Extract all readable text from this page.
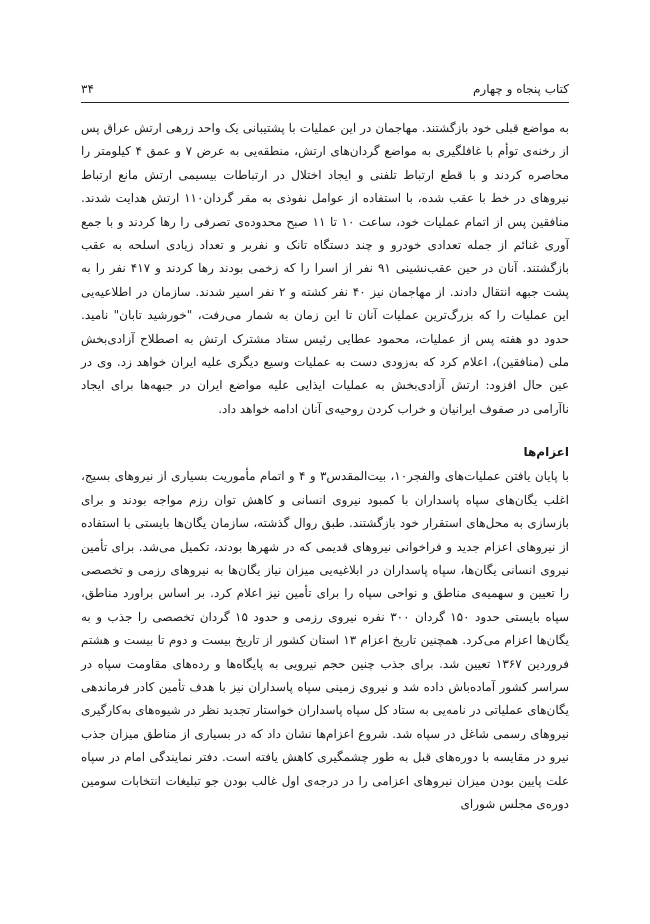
۳۴	کتاب پنجاه و چهارم

به مواضع قبلی خود بازگشتند. مهاجمان در این عملیات با پشتیبانی یک واحد زرهی ارتش عراق پس از رخنه‌ی توأم با غافلگیری به مواضع گردان‌های ارتش، منطقه‌یی به عرض ۷ و عمق ۴ کیلومتر را محاصره کردند و با قطع ارتباط تلفنی و ایجاد اختلال در ارتباطات بیسیمی ارتش مانع ارتباط نیروهای در خط با عقب شده، با استفاده از عوامل نفوذی به مقر گردان۱۱۰ ارتش هدایت شدند. منافقین پس از اتمام عملیات خود، ساعت ۱۰ تا ۱۱ صبح محدوده‌ی تصرفی را رها کردند و با جمع آوری غنائم از جمله تعدادی خودرو و چند دستگاه تانک و نفربر و تعداد زیادی اسلحه به عقب بازگشتند. آنان در حین عقب‌نشینی ۹۱ نفر از اسرا را که زخمی بودند رها کردند و ۴۱۷ نفر را به پشت جبهه انتقال دادند. از مهاجمان نیز ۴۰ نفر کشته و ۲ نفر اسیر شدند. سازمان در اطلاعیه‌یی این عملیات را که بزرگ‌ترین عملیات آنان تا این زمان به شمار می‌رفت، "خورشید تابان" نامید. حدود دو هفته پس از عملیات، محمود عطایی رئیس ستاد مشترک ارتش به اصطلاح آزادی‌بخش ملی (منافقین)، اعلام کرد که به‌زودی دست به عملیات وسیع دیگری علیه ایران خواهد زد. وی در عین حال افزود: ارتش آزادی‌بخش به عملیات ایذایی علیه مواضع ایران در جبهه‌ها برای ایجاد ناآرامی در صفوف ایرانیان و خراب کردن روحیه‌ی آنان ادامه خواهد داد.

اعزام‌ها

با پایان یافتن عملیات‌های والفجر۱۰، بیت‌المقدس۳ و ۴ و اتمام مأموریت بسیاری از نیروهای بسیج، اغلب یگان‌های سپاه پاسداران با کمبود نیروی انسانی و کاهش توان رزم مواجه بودند و برای بازسازی به محل‌های استقرار خود بازگشتند. طبق روال گذشته، سازمان یگان‌ها بایستی با استفاده از نیروهای اعزام جدید و فراخوانی نیروهای قدیمی که در شهرها بودند، تکمیل می‌شد. برای تأمین نیروی انسانی یگان‌ها، سپاه پاسداران در ابلاغیه‌یی میزان نیاز یگان‌ها به نیروهای رزمی و تخصصی را تعیین و سهمیه‌ی مناطق و نواحی سپاه را برای تأمین نیز اعلام کرد. بر اساس براورد مناطق، سپاه بایستی حدود ۱۵۰ گردان ۳۰۰ نفره نیروی رزمی و حدود ۱۵ گردان تخصصی را جذب و به یگان‌ها اعزام می‌کرد. همچنین تاریخ اعزام ۱۳ استان کشور از تاریخ بیست و دوم تا بیست و هشتم فروردین ۱۳۶۷ تعیین شد. برای جذب چنین حجم نیرویی به پایگاه‌ها و رده‌های مقاومت سپاه در سراسر کشور آماده‌باش داده شد و نیروی زمینی سپاه پاسداران نیز با هدف تأمین کادر فرماندهی یگان‌های عملیاتی در نامه‌یی به ستاد کل سپاه پاسداران خواستار تجدید نظر در شیوه‌های به‌کارگیری نیروهای رسمی شاغل در سپاه شد. شروع اعزام‌ها نشان داد که در بسیاری از مناطق میزان جذب نیرو در مقایسه با دوره‌های قبل به طور چشمگیری کاهش یافته است. دفتر نمایندگی امام در سپاه علت پایین بودن میزان نیروهای اعزامی را در درجه‌ی اول غالب بودن جو تبلیغات انتخابات سومین دوره‌ی مجلس شورای
